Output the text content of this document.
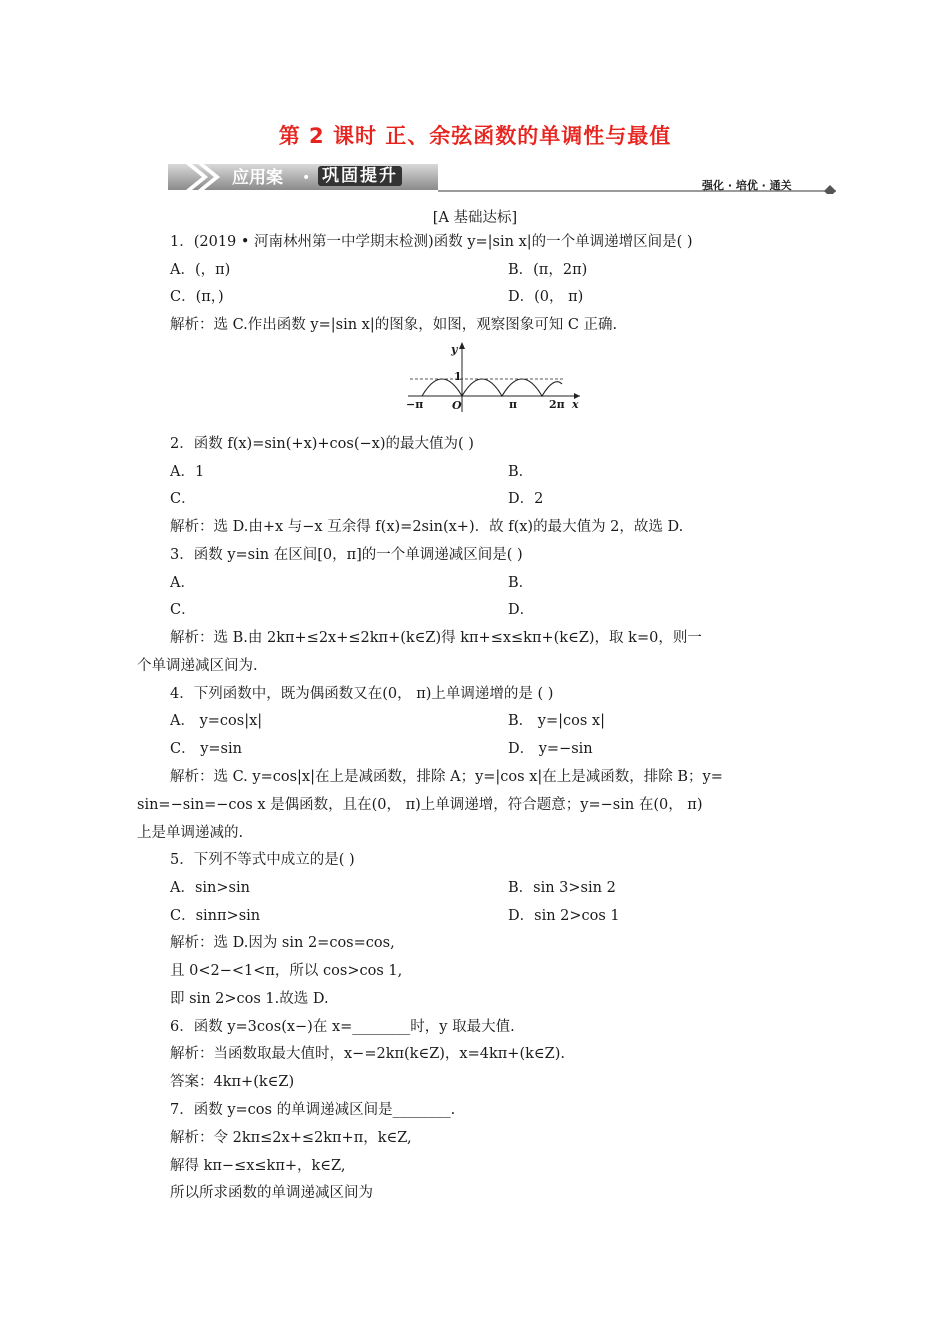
第 2 课时 正、余弦函数的单调性与最值
应用案 • 巩固提升	强化 · 培优 · 通关
[A 基础达标]
1．(2019 • 河南林州第一中学期末检测)函数 y=|sin x|的一个单调递增区间是( )
A．(，π)	B．(π，2π)
C．(π，)	D．(0， π)
解析：选 C.作出函数 y=|sin x|的图象，如图，观察图象可知 C 正确.
y
1
−π	O	π	2π x
2．函数 f(x)=sin(+x)+cos(−x)的最大值为( )
A．1	B．
C．	D．2
解析：选 D.由+x 与−x 互余得 f(x)=2sin(x+)．故 f(x)的最大值为 2，故选 D.
3．函数 y=sin 在区间[0，π]的一个单调递减区间是( )
A．	B．
C．	D．
解析：选 B.由 2kπ+≤2x+≤2kπ+(k∈Z)得 kπ+≤x≤kπ+(k∈Z)，取 k=0，则一
个单调递减区间为.
4．下列函数中，既为偶函数又在(0， π)上单调递增的是 ( )
A． y=cos|x|	B． y=|cos x|
C． y=sin	D． y=−sin
解析：选 C. y=cos|x|在上是减函数，排除 A；y=|cos x|在上是减函数，排除 B；y=
sin=−sin=−cos x 是偶函数，且在(0， π)上单调递增，符合题意；y=−sin 在(0， π)
上是单调递减的.
5．下列不等式中成立的是( )
A．sin>sin	B．sin 3>sin 2
C．sinπ>sin	D．sin 2>cos 1
解析：选 D.因为 sin 2=cos=cos,
且 0<2−<1<π，所以 cos>cos 1,
即 sin 2>cos 1.故选 D.
6．函数 y=3cos(x−)在 x=________时，y 取最大值.
解析：当函数取最大值时，x−=2kπ(k∈Z)，x=4kπ+(k∈Z).
答案：4kπ+(k∈Z)
7．函数 y=cos 的单调递减区间是________.
解析：令 2kπ≤2x+≤2kπ+π，k∈Z,
解得 kπ−≤x≤kπ+，k∈Z,
所以所求函数的单调递减区间为
